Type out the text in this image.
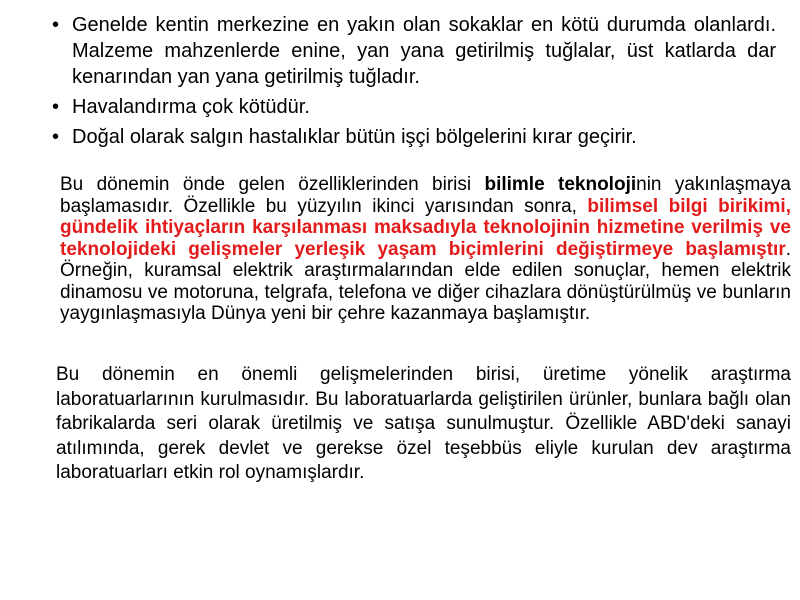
• Genelde kentin merkezine en yakın olan sokaklar en kötü durumda olanlardı. Malzeme mahzenlerde enine, yan yana getirilmiş tuğlalar, üst katlarda dar kenarından yan yana getirilmiş tuğladır.
• Havalandırma çok kötüdür.
• Doğal olarak salgın hastalıklar bütün işçi bölgelerini kırar geçirir.

Bu dönemin önde gelen özelliklerinden birisi bilimle teknolojinin yakınlaşmaya başlamasıdır. Özellikle bu yüzyılın ikinci yarısından sonra, bilimsel bilgi birikimi, gündelik ihtiyaçların karşılanması maksadıyla teknolojinin hizmetine verilmiş ve teknolojideki gelişmeler yerleşik yaşam biçimlerini değiştirmeye başlamıştır. Örneğin, kuramsal elektrik araştırmalarından elde edilen sonuçlar, hemen elektrik dinamosu ve motoruna, telgrafa, telefona ve diğer cihazlara dönüştürülmüş ve bunların yaygınlaşmasıyla Dünya yeni bir çehre kazanmaya başlamıştır.

Bu dönemin en önemli gelişmelerinden birisi, üretime yönelik araştırma laboratuarlarının kurulmasıdır. Bu laboratuarlarda geliştirilen ürünler, bunlara bağlı olan fabrikalarda seri olarak üretilmiş ve satışa sunulmuştur. Özellikle ABD'deki sanayi atılımında, gerek devlet ve gerekse özel teşebbüs eliyle kurulan dev araştırma laboratuarları etkin rol oynamışlardır.
